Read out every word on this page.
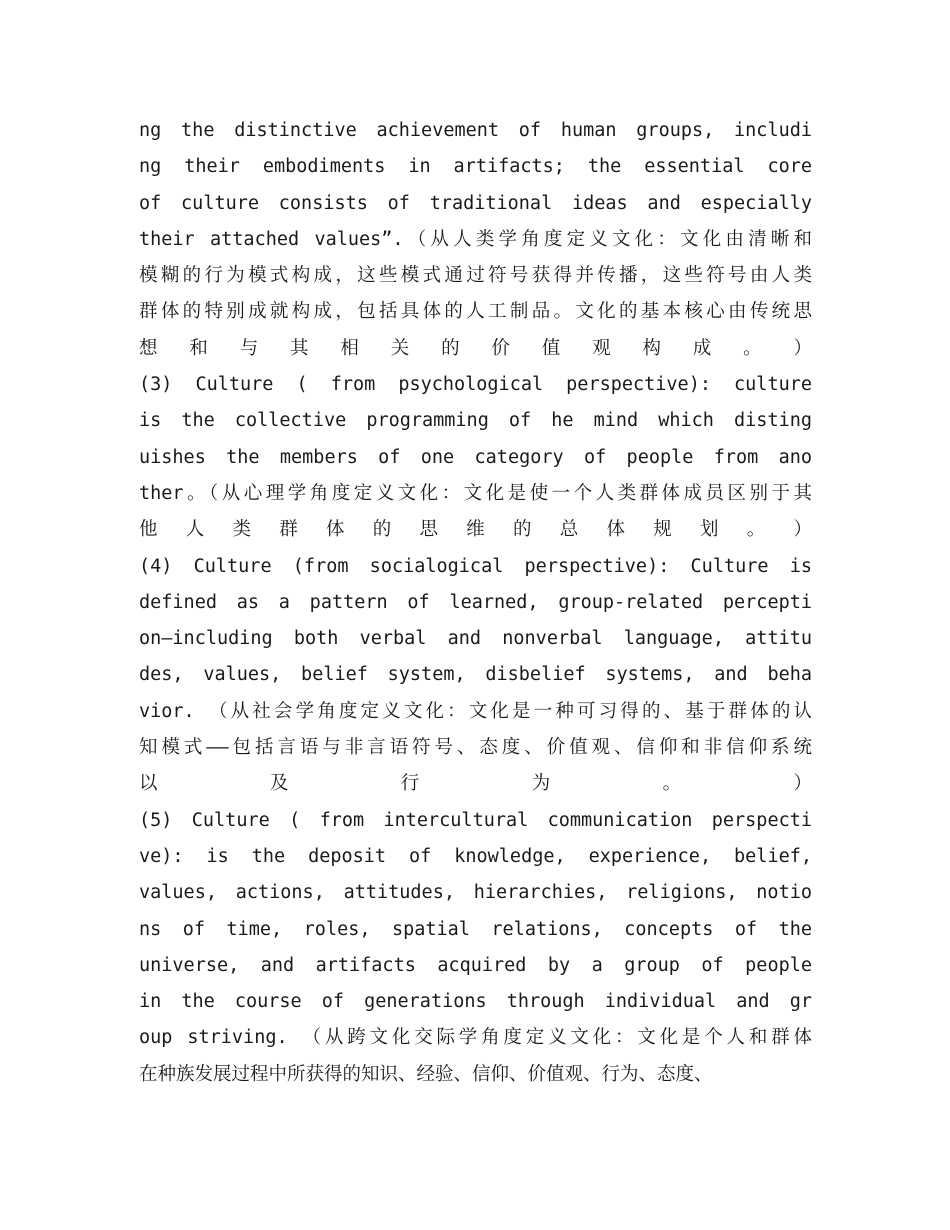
ng the distinctive achievement of human groups, includi
ng their embodiments in artifacts; the essential core
of culture consists of traditional ideas and especially
their attached values”.（从人类学角度定义文化：文化由清晰和
模糊的行为模式构成，这些模式通过符号获得并传播，这些符号由人类
群体的特别成就构成，包括具体的人工制品。文化的基本核心由传统思
想 和 与 其 相 关 的 价 值 观 构 成 。 ）
(3) Culture ( from psychological perspective): culture
is the collective programming of he mind which disting
uishes the members of one category of people from ano
ther。（从心理学角度定义文化：文化是使一个人类群体成员区别于其
他 人 类 群 体 的 思 维 的 总 体 规 划 。 ）
(4) Culture (from socialogical perspective): Culture is
defined as a pattern of learned, group-related percepti
on—including both verbal and nonverbal language, attitu
des, values, belief system, disbelief systems, and beha
vior. （从社会学角度定义文化：文化是一种可习得的、基于群体的认
知模式——包括言语与非言语符号、态度、价值观、信仰和非信仰系统
以 及 行 为 。 ）
(5) Culture ( from intercultural communication perspecti
ve): is the deposit of knowledge, experience, belief,
values, actions, attitudes, hierarchies, religions, notio
ns of time, roles, spatial relations, concepts of the
universe, and artifacts acquired by a group of people
in the course of generations through individual and gr
oup striving. （从跨文化交际学角度定义文化：文化是个人和群体
在种族发展过程中所获得的知识、经验、信仰、价值观、行为、态度、
